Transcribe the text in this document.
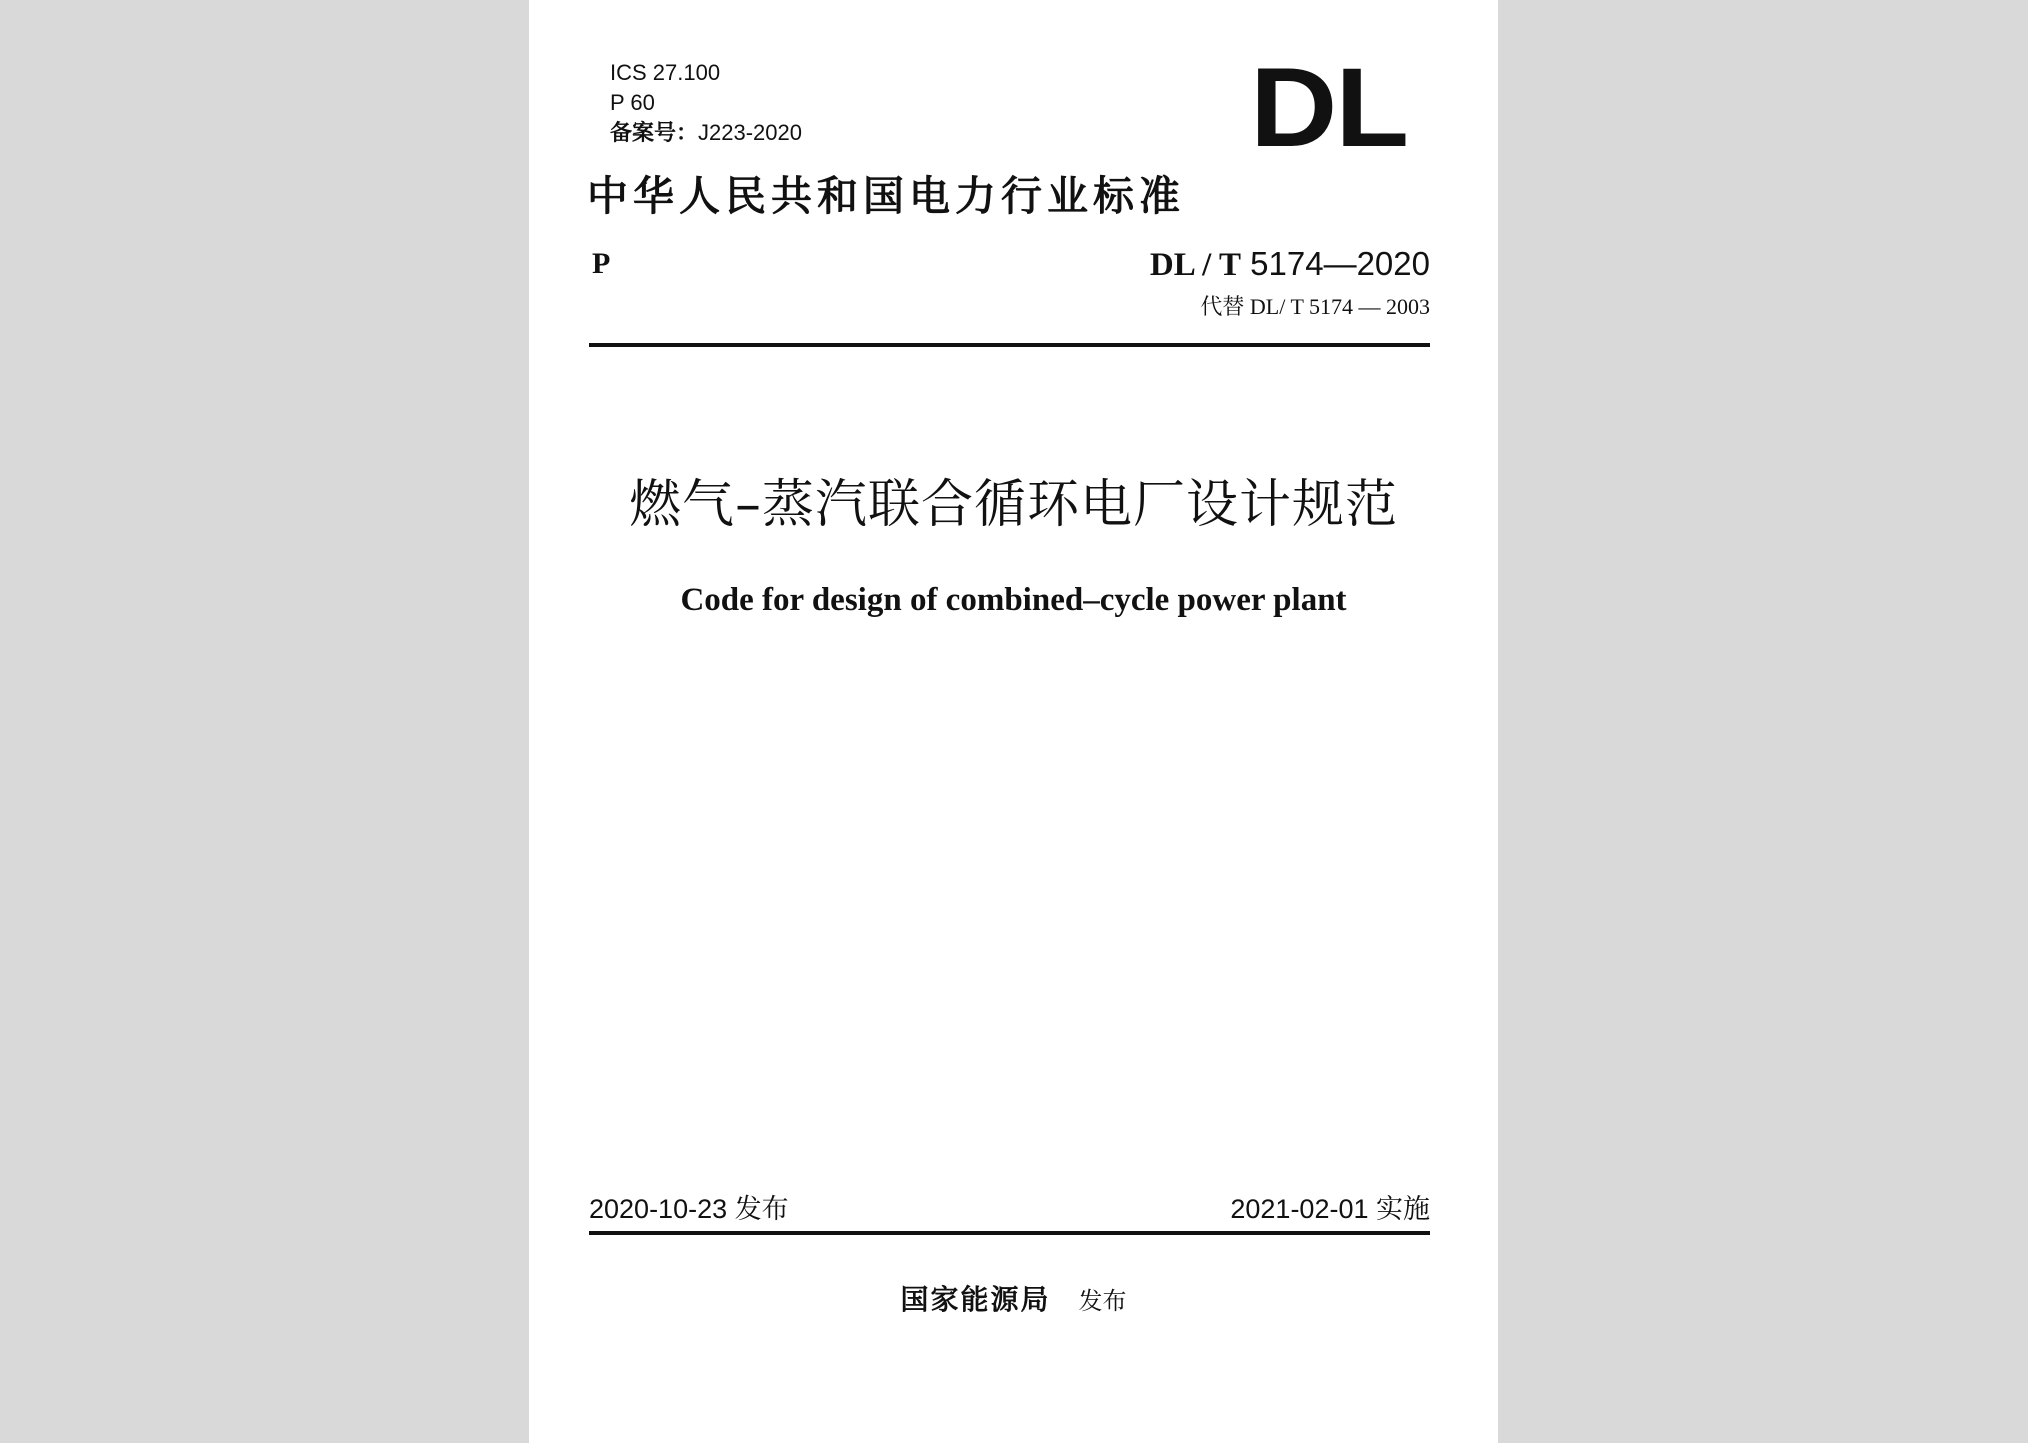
ICS 27.100
P 60
备案号：J223-2020	DL
中华人民共和国电力行业标准
P	DL / T 5174—2020
代替 DL/ T 5174 — 2003
燃气–蒸汽联合循环电厂设计规范
Code for design of combined–cycle power plant
2020-10-23 发布	2021-02-01 实施
国家能源局 发布
